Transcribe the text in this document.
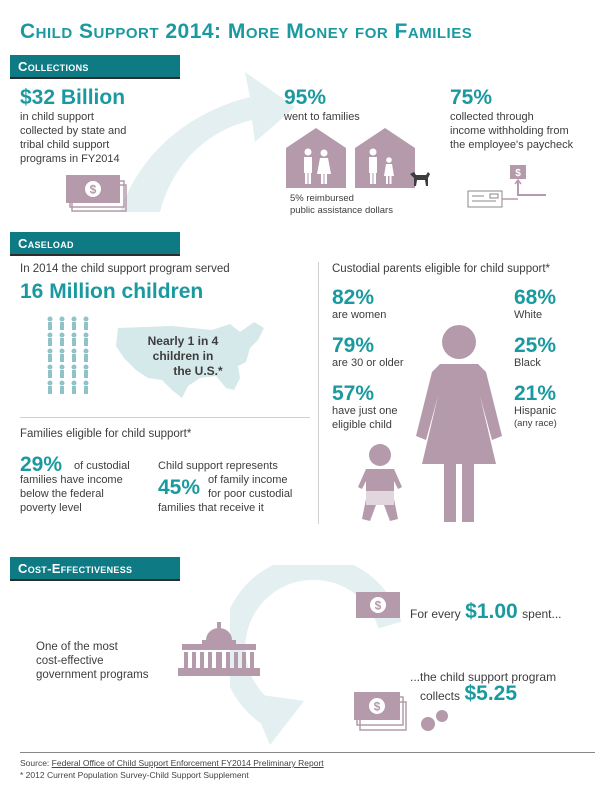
Child Support 2014: More Money for Families
Collections
$32 Billion
in child support
collected by state and
tribal child support
programs in FY2014
$
95%
went to families
5% reimbursed
public assistance dollars
75%
collected through
income withholding from
the employee's paycheck
$
Caseload
In 2014 the child support program served
16 Million children
Nearly 1 in 4
children in
the U.S.*
Families eligible for child support*
29%	of custodial
families have income
below the federal
poverty level
Child support represents
45% of family income
for poor custodial
families that receive it
Custodial parents eligible for child support*
82%
are women
79%
are 30 or older
57%
have just one
eligible child
68%
White
25%
Black
21%
Hispanic
(any race)
Cost-Effectiveness
One of the most
cost-effective
government programs
$
For every $1.00 spent...
...the child support program
collects $5.25
$
Source: Federal Office of Child Support Enforcement FY2014 Preliminary Report
* 2012 Current Population Survey-Child Support Supplement
